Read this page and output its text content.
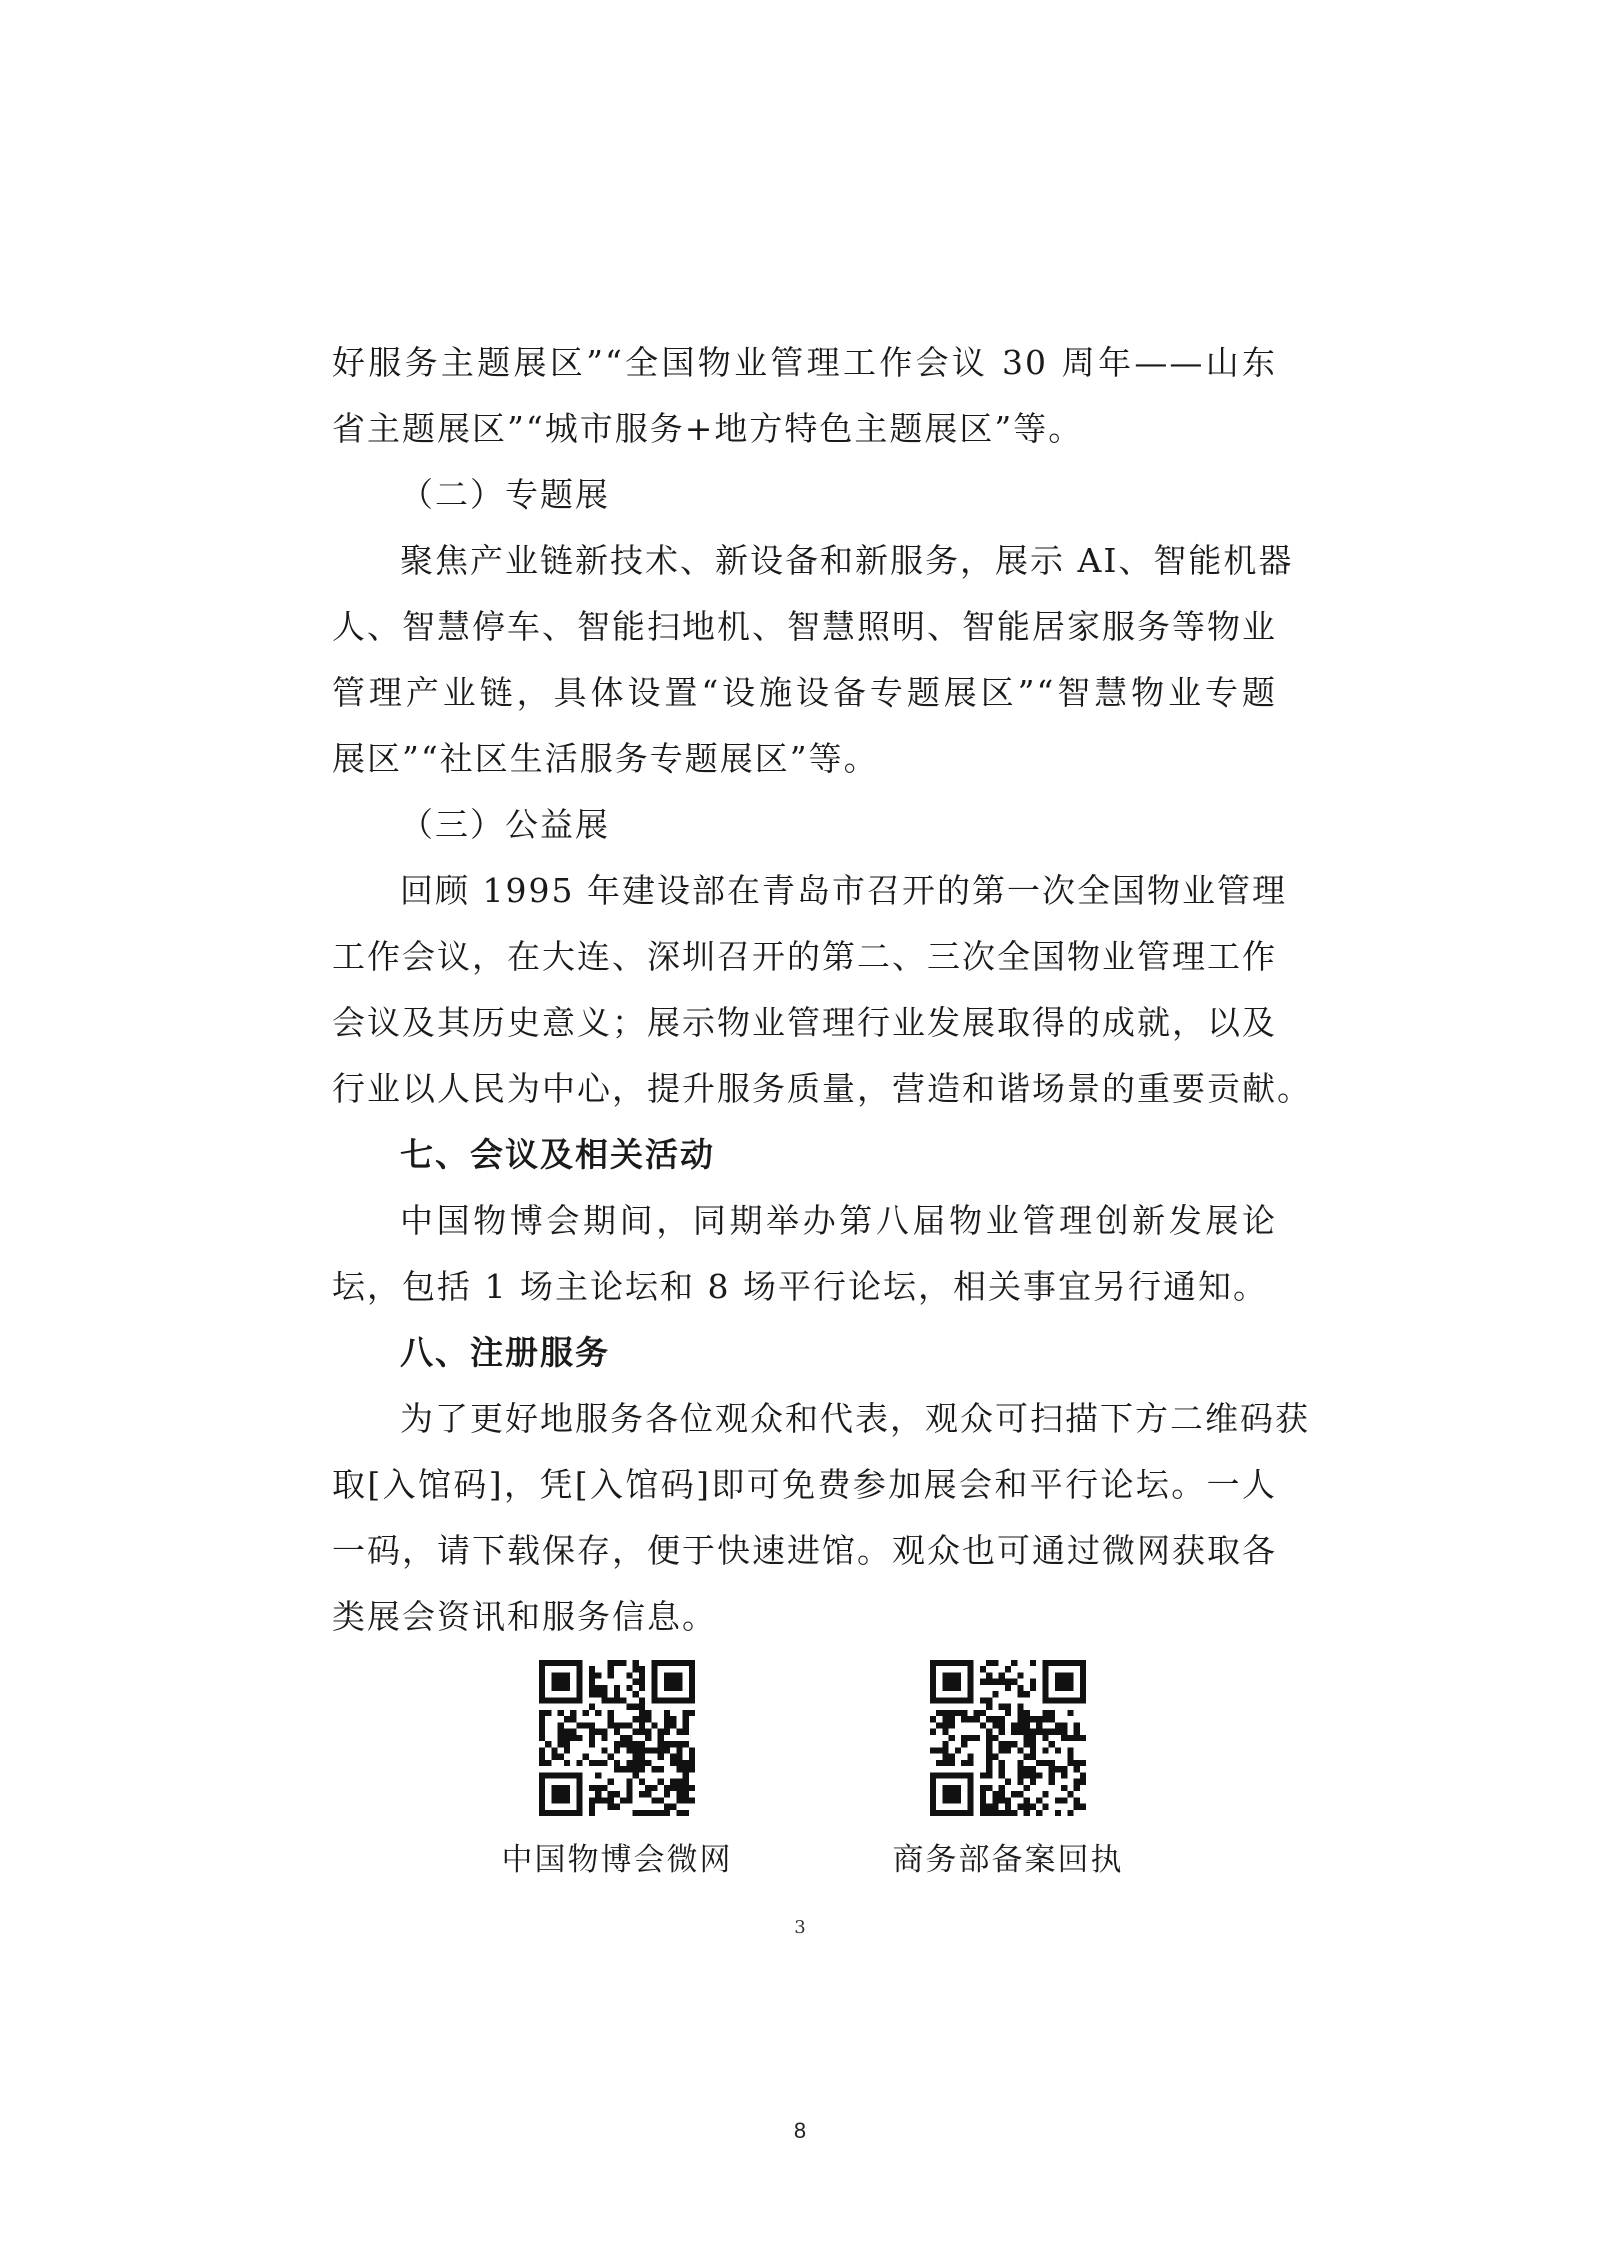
好服务主题展区”“全国物业管理工作会议 30 周年——山东
省主题展区”“城市服务+地方特色主题展区”等。

（二）专题展

聚焦产业链新技术、新设备和新服务，展示 AI、智能机器
人、智慧停车、智能扫地机、智慧照明、智能居家服务等物业
管理产业链，具体设置“设施设备专题展区”“智慧物业专题
展区”“社区生活服务专题展区”等。

（三）公益展

回顾 1995 年建设部在青岛市召开的第一次全国物业管理
工作会议，在大连、深圳召开的第二、三次全国物业管理工作
会议及其历史意义；展示物业管理行业发展取得的成就，以及
行业以人民为中心，提升服务质量，营造和谐场景的重要贡献。

七、会议及相关活动

中国物博会期间，同期举办第八届物业管理创新发展论
坛，包括 1 场主论坛和 8 场平行论坛，相关事宜另行通知。

八、注册服务

为了更好地服务各位观众和代表，观众可扫描下方二维码获
取[入馆码]，凭[入馆码]即可免费参加展会和平行论坛。一人
一码，请下载保存，便于快速进馆。观众也可通过微网获取各
类展会资讯和服务信息。

中国物博会微网	商务部备案回执
3
8
